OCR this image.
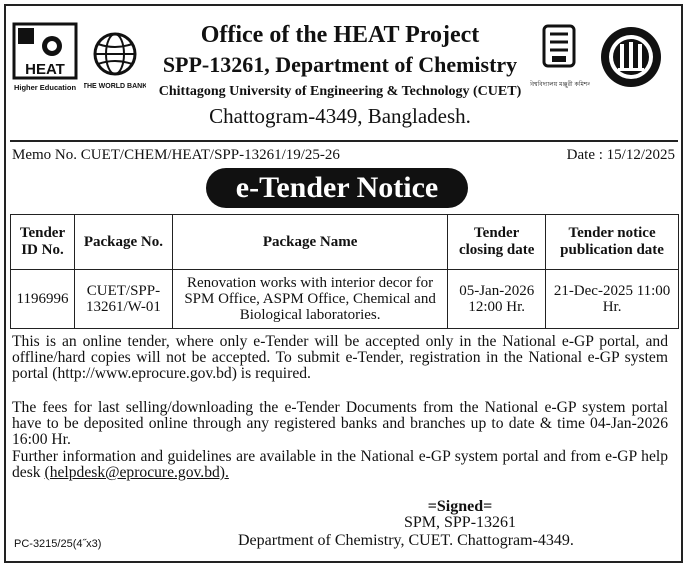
HEAT
Higher Education THE WORLD BANK	বিশ্ববিদ্যালয় মঞ্জুরী কমিশন
Office of the HEAT Project
SPP-13261, Department of Chemistry
Chittagong University of Engineering & Technology (CUET)
Chattogram-4349, Bangladesh.
Memo No. CUET/CHEM/HEAT/SPP-13261/19/25-26	Date : 15/12/2025
e-Tender Notice
Tender ID No.	Package No.	Package Name	Tender closing date	Tender notice publication date
1196996	CUET/SPP-13261/W-01	Renovation works with interior decor for SPM Office, ASPM Office, Chemical and Biological laboratories.	05-Jan-2026 12:00 Hr.	21-Dec-2025 11:00 Hr.
This is an online tender, where only e-Tender will be accepted only in the National e-GP portal, and offline/hard copies will not be accepted. To submit e-Tender, registration in the National e-GP system portal (http://www.eprocure.gov.bd) is required.
The fees for last selling/downloading the e-Tender Documents from the National e-GP system portal have to be deposited online through any registered banks and branches up to date & time 04-Jan-2026 16:00 Hr.
Further information and guidelines are available in the National e-GP system portal and from e-GP help desk (helpdesk@eprocure.gov.bd).
=Signed=
SPM, SPP-13261
Department of Chemistry, CUET. Chattogram-4349.
PC-3215/25(4˝x3)
